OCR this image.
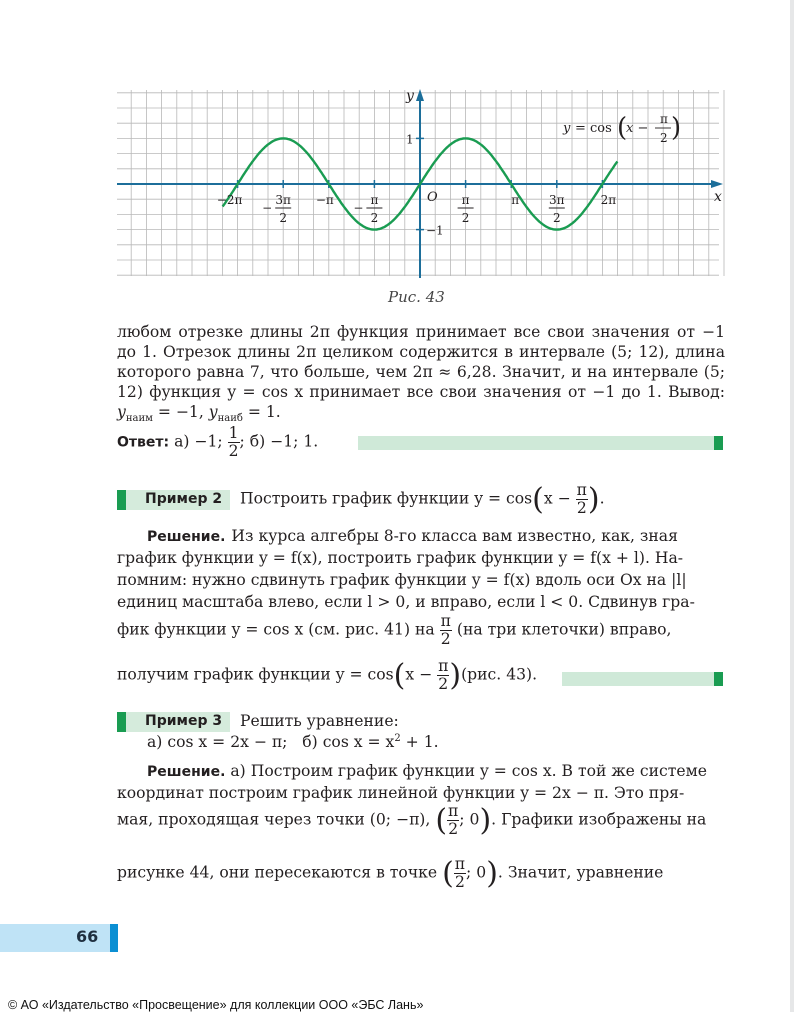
−2π	3π
2
−
−π	π
2
−
π
2
π 3π
2
2π
1
−1
O	x
y
y = cos (
x −
π
2 )
Рис. 43
любом отрезке длины 2π функция принимает все свои значения от −1 до 1. Отрезок длины 2π целиком содержится в интервале (5; 12), длина которого равна 7, что больше, чем 2π ≈ 6,28. Значит, и на интервале (5; 12) функция y = cos x принимает все свои значения от −1 до 1. Вывод: $y_{наим} = -1$, $y_{наиб} = 1$.
Ответ: а) −1; $\frac{1}{2}$ ; б) −1; 1.
Пример 2 Построить график функции $y = \cos(x - \frac{\pi}{2}$ ).
Решение. Из курса алгебры 8-го класса вам известно, как, зная
график функции y = f(x), построить график функции y = f(x + l). На-
помним: нужно сдвинуть график функции y = f(x) вдоль оси Ox на |l|
единиц масштаба влево, если l > 0, и вправо, если l < 0. Сдвинув гра-
фик функции y = cos x (см. рис. 41) на $\frac{\pi}{2} (на$ три клеточки) вправо,
получим график функции $y = \cos(x - \frac{\pi}{2} )(рис$. 43).
Пример 3 Решить уравнение:
а) cos x = 2x − π; б) $\cos x = x^2 + 1$.
Решение. а) Построим график функции y = cos x. В той же системе
координат построим график линейной функции y = 2x − π. Это пря-
мая, проходящая через точки (0; −π), ( $\frac{\pi}{2}$ ; 0). Графики изображены на
рисунке 44, они пересекаются в точке ( $\frac{\pi}{2}$ ; 0). Значит, уравнение
66
© АО «Издательство «Просвещение» для коллекции ООО «ЭБС Лань»
